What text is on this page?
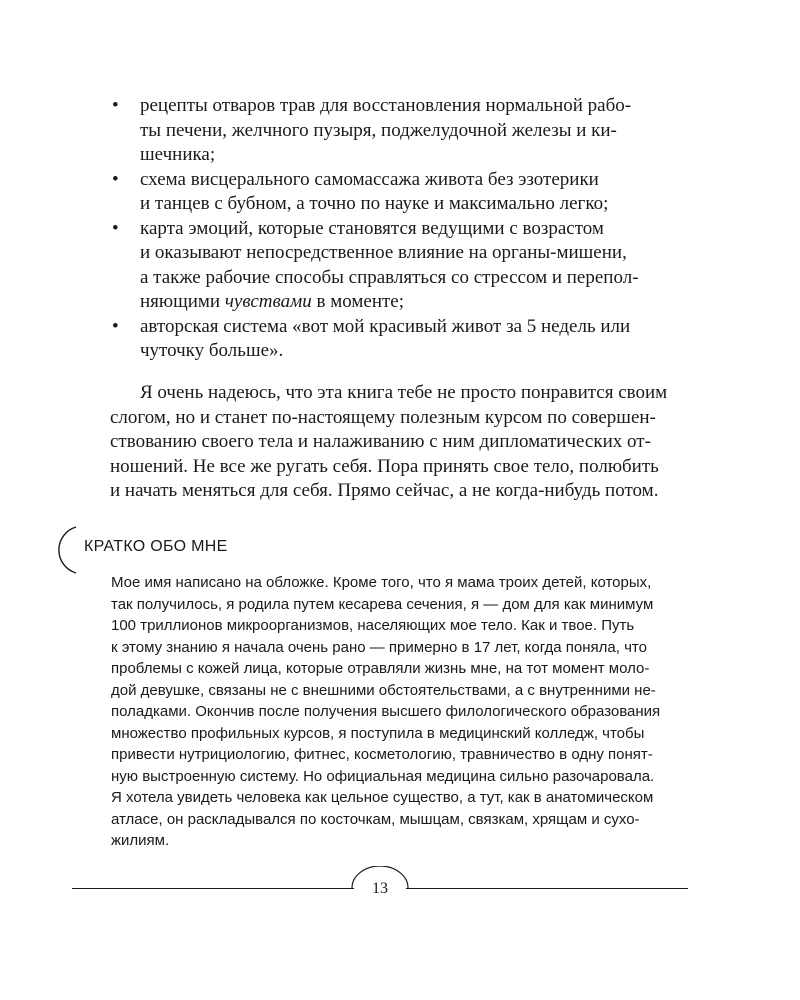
• рецепты отваров трав для восстановления нормальной рабо-
ты печени, желчного пузыря, поджелудочной железы и ки-
шечника;
• схема висцерального самомассажа живота без эзотерики
и танцев с бубном, а точно по науке и максимально легко;
• карта эмоций, которые становятся ведущими с возрастом
и оказывают непосредственное влияние на органы-мишени,
а также рабочие способы справляться со стрессом и перепол-
няющими чувствами в моменте;
• авторская система «вот мой красивый живот за 5 недель или
чуточку больше».
Я очень надеюсь, что эта книга тебе не просто понравится своим
слогом, но и станет по-настоящему полезным курсом по совершен-
ствованию своего тела и налаживанию с ним дипломатических от-
ношений. Не все же ругать себя. Пора принять свое тело, полюбить
и начать меняться для себя. Прямо сейчас, а не когда-нибудь потом.
КРАТКО ОБО МНЕ
Мое имя написано на обложке. Кроме того, что я мама троих детей, которых,
так получилось, я родила путем кесарева сечения, я — дом для как минимум
100 триллионов микроорганизмов, населяющих мое тело. Как и твое. Путь
к этому знанию я начала очень рано — примерно в 17 лет, когда поняла, что
проблемы с кожей лица, которые отравляли жизнь мне, на тот момент моло-
дой девушке, связаны не с внешними обстоятельствами, а с внутренними не-
поладками. Окончив после получения высшего филологического образования
множество профильных курсов, я поступила в медицинский колледж, чтобы
привести нутрициологию, фитнес, косметологию, травничество в одну понят-
ную выстроенную систему. Но официальная медицина сильно разочаровала.
Я хотела увидеть человека как цельное существо, а тут, как в анатомическом
атласе, он раскладывался по косточкам, мышцам, связкам, хрящам и сухо-
жилиям.
13
